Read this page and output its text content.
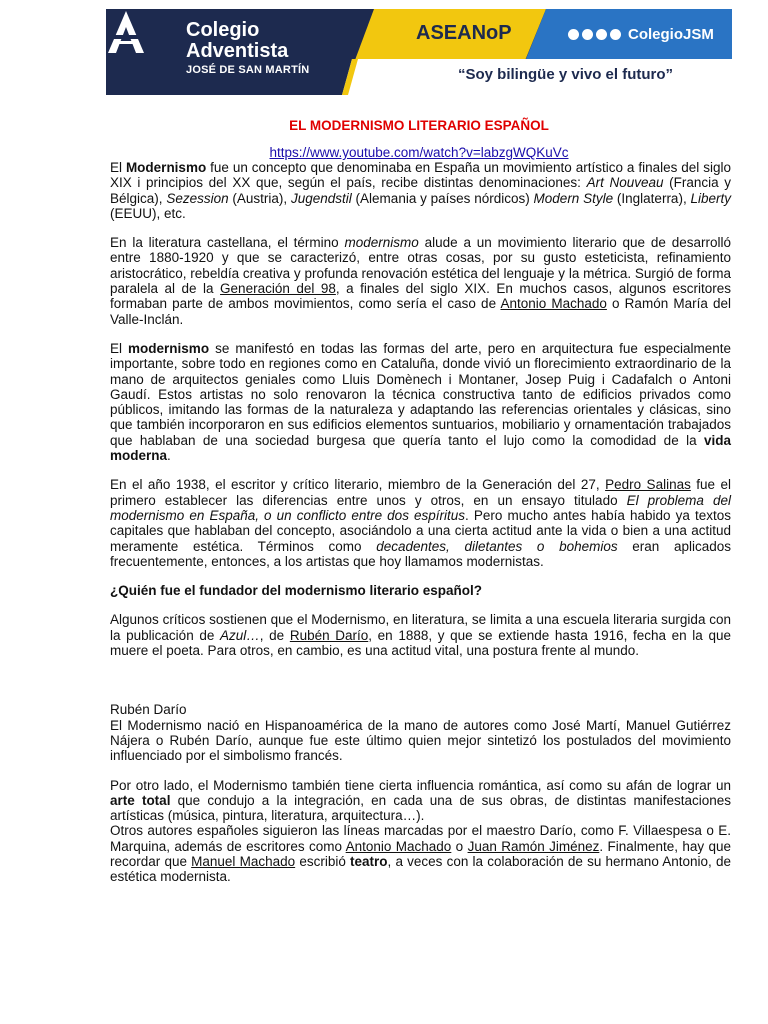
Colegio
Adventista
JOSÉ DE SAN MARTÍN
ASEANoP	ColegioJSM
“Soy bilingüe y vivo el futuro”
EL MODERNISMO LITERARIO ESPAÑOL
https://www.youtube.com/watch?v=labzgWQKuVc

El Modernismo fue un concepto que denominaba en España un movimiento artístico a finales del siglo XIX i principios del XX que, según el país, recibe distintas denominaciones: Art Nouveau (Francia y Bélgica), Sezession (Austria), Jugendstil (Alemania y países nórdicos) Modern Style (Inglaterra), Liberty (EEUU), etc.

En la literatura castellana, el término modernismo alude a un movimiento literario que de desarrolló entre 1880-1920 y que se caracterizó, entre otras cosas, por su gusto esteticista, refinamiento aristocrático, rebeldía creativa y profunda renovación estética del lenguaje y la métrica. Surgió de forma paralela al de la Generación del 98, a finales del siglo XIX. En muchos casos, algunos escritores formaban parte de ambos movimientos, como sería el caso de Antonio Machado o Ramón María del Valle-Inclán.

El modernismo se manifestó en todas las formas del arte, pero en arquitectura fue especialmente importante, sobre todo en regiones como en Cataluña, donde vivió un florecimiento extraordinario de la mano de arquitectos geniales como Lluis Domènech i Montaner, Josep Puig i Cadafalch o Antoni Gaudí. Estos artistas no solo renovaron la técnica constructiva tanto de edificios privados como públicos, imitando las formas de la naturaleza y adaptando las referencias orientales y clásicas, sino que también incorporaron en sus edificios elementos suntuarios, mobiliario y ornamentación trabajados que hablaban de una sociedad burgesa que quería tanto el lujo como la comodidad de la vida moderna.

En el año 1938, el escritor y crítico literario, miembro de la Generación del 27, Pedro Salinas fue el primero establecer las diferencias entre unos y otros, en un ensayo titulado El problema del modernismo en España, o un conflicto entre dos espíritus. Pero mucho antes había habido ya textos capitales que hablaban del concepto, asociándolo a una cierta actitud ante la vida o bien a una actitud meramente estética. Términos como decadentes, diletantes o bohemios eran aplicados frecuentemente, entonces, a los artistas que hoy llamamos modernistas.

¿Quién fue el fundador del modernismo literario español?

Algunos críticos sostienen que el Modernismo, en literatura, se limita a una escuela literaria surgida con la publicación de Azul…, de Rubén Darío, en 1888, y que se extiende hasta 1916, fecha en la que muere el poeta. Para otros, en cambio, es una actitud vital, una postura frente al mundo.

Rubén Darío

El Modernismo nació en Hispanoamérica de la mano de autores como José Martí, Manuel Gutiérrez Nájera o Rubén Darío, aunque fue este último quien mejor sintetizó los postulados del movimiento influenciado por el simbolismo francés.

Por otro lado, el Modernismo también tiene cierta influencia romántica, así como su afán de lograr un arte total que condujo a la integración, en cada una de sus obras, de distintas manifestaciones artísticas (música, pintura, literatura, arquitectura…).

Otros autores españoles siguieron las líneas marcadas por el maestro Darío, como F. Villaespesa o E. Marquina, además de escritores como Antonio Machado o Juan Ramón Jiménez. Finalmente, hay que recordar que Manuel Machado escribió teatro, a veces con la colaboración de su hermano Antonio, de estética modernista.
